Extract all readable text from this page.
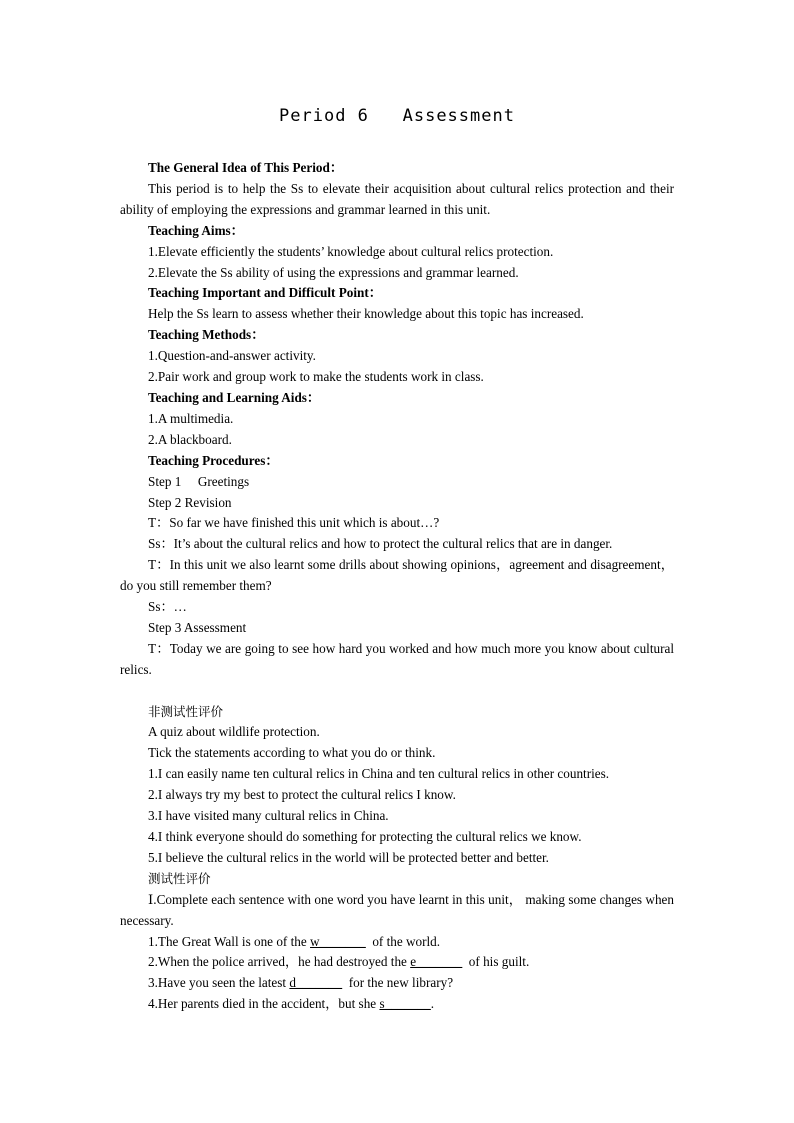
Period 6   Assessment

The General Idea of This Period：

This period is to help the Ss to elevate their acquisition about cultural relics protection and their ability of employing the expressions and grammar learned in this unit.

Teaching Aims：

1.Elevate efficiently the students’ knowledge about cultural relics protection.

2.Elevate the Ss ability of using the expressions and grammar learned.

Teaching Important and Difficult Point：

Help the Ss learn to assess whether their knowledge about this topic has increased.

Teaching Methods：

1.Question-and-answer activity.

2.Pair work and group work to make the students work in class.

Teaching and Learning Aids：

1.A multimedia.

2.A blackboard.

Teaching Procedures：

Step 1     Greetings

Step 2 Revision

T：So far we have finished this unit which is about…?

Ss：It’s about the cultural relics and how to protect the cultural relics that are in danger.

T：In this unit we also learnt some drills about showing opinions，agreement and disagreement，do you still remember them?

Ss：…

Step 3 Assessment

T：Today we are going to see how hard you worked and how much more you know about cultural relics.

非测试性评价

A quiz about wildlife protection.

Tick the statements according to what you do or think.

1.I can easily name ten cultural relics in China and ten cultural relics in other countries.

2.I always try my best to protect the cultural relics I know.

3.I have visited many cultural relics in China.

4.I think everyone should do something for protecting the cultural relics we know.

5.I believe the cultural relics in the world will be protected better and better.

测试性评价

Ⅰ.Complete each sentence with one word you have learnt in this unit， making some changes when necessary.

1.The Great Wall is one of the w_______  of the world.

2.When the police arrived，he had destroyed the e_______  of his guilt.

3.Have you seen the latest d_______  for the new library?

4.Her parents died in the accident，but she s_______.
